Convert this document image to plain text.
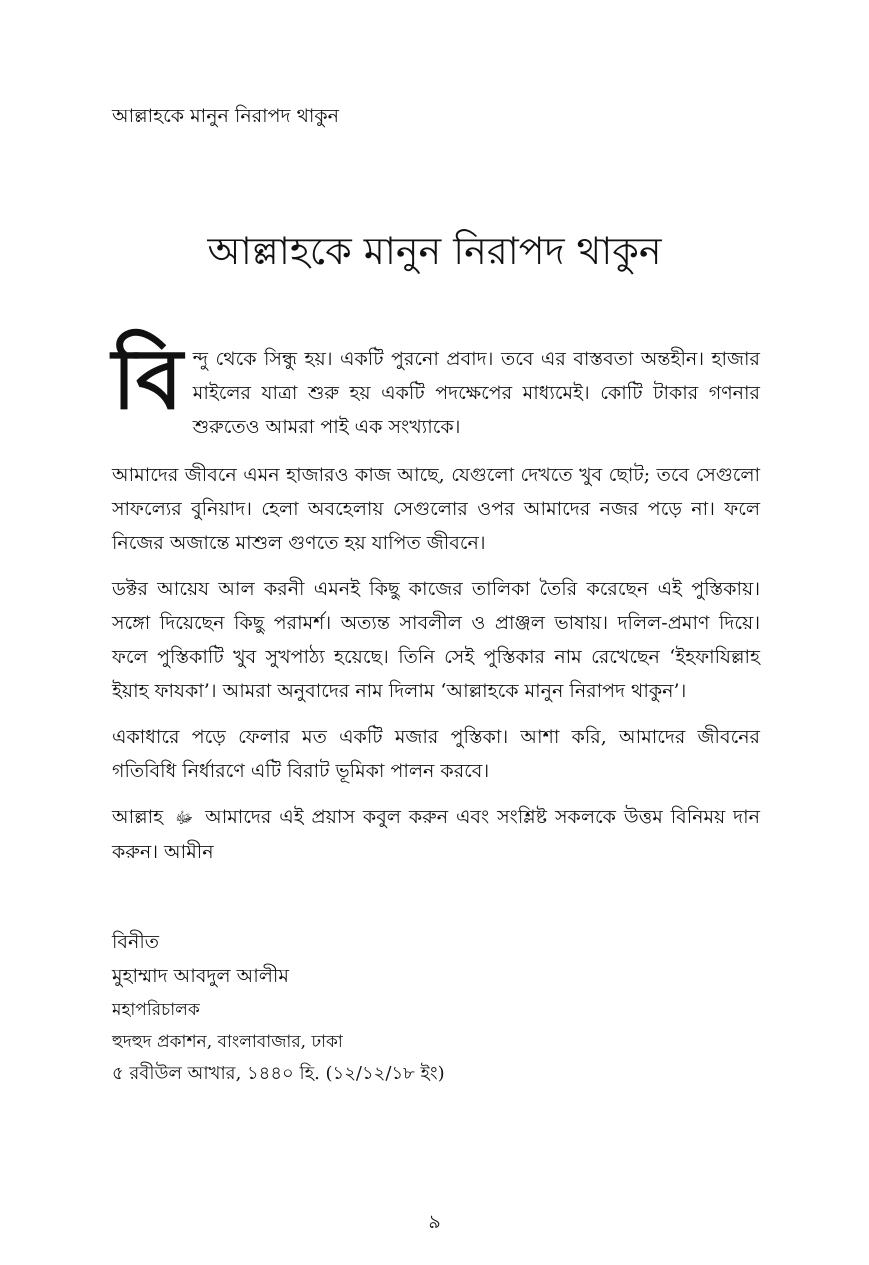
আল্লাহকে মানুন নিরাপদ থাকুন
আল্লাহকে মানুন নিরাপদ থাকুন

বিন্দু থেকে সিন্ধু হয়। একটি পুরনো প্রবাদ। তবে এর বাস্তবতা অন্তহীন। হাজার মাইলের যাত্রা শুরু হয় একটি পদক্ষেপের মাধ্যমেই। কোটি টাকার গণনার শুরুতেও আমরা পাই এক সংখ্যাকে।

আমাদের জীবনে এমন হাজারও কাজ আছে, যেগুলো দেখতে খুব ছোট; তবে সেগুলো সাফল্যের বুনিয়াদ। হেলা অবহেলায় সেগুলোর ওপর আমাদের নজর পড়ে না। ফলে নিজের অজান্তে মাশুল গুণতে হয় যাপিত জীবনে।

ডক্টর আয়েয আল করনী এমনই কিছু কাজের তালিকা তৈরি করেছেন এই পুস্তিকায়। সঙ্গো দিয়েছেন কিছু পরামর্শ। অত্যন্ত সাবলীল ও প্রাঞ্জল ভাষায়। দলিল-প্রমাণ দিয়ে। ফলে পুস্তিকাটি খুব সুখপাঠ্য হয়েছে। তিনি সেই পুস্তিকার নাম রেখেছেন ‘ইহফাযিল্লাহ ইয়াহ ফাযকা’। আমরা অনুবাদের নাম দিলাম ‘আল্লাহকে মানুন নিরাপদ থাকুন’।

একাধারে পড়ে ফেলার মত একটি মজার পুস্তিকা। আশা করি, আমাদের জীবনের গতিবিধি নির্ধারণে এটি বিরাট ভূমিকা পালন করবে।

আল্লাহ ﷻ আমাদের এই প্রয়াস কবুল করুন এবং সংশ্লিষ্ট সকলকে উত্তম বিনিময় দান করুন। আমীন

বিনীত
মুহাম্মাদ আবদুল আলীম
মহাপরিচালক
হুদহুদ প্রকাশন, বাংলাবাজার, ঢাকা
৫ রবীউল আখার, ১৪৪০ হি. (১২/১২/১৮ ইং)
৯
